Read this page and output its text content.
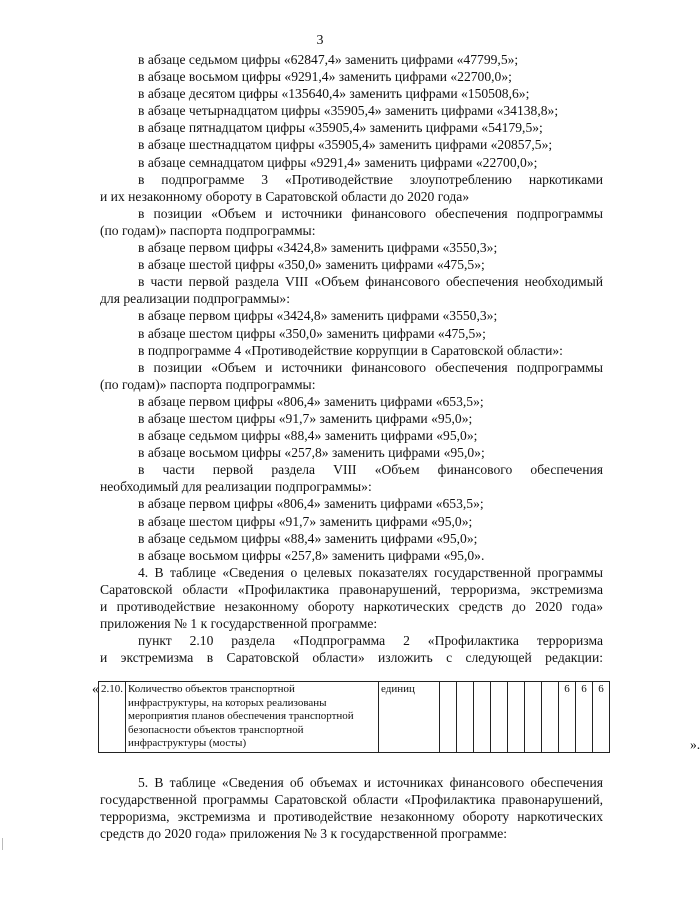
3

в абзаце седьмом цифры «62847,4» заменить цифрами «47799,5»;

в абзаце восьмом цифры «9291,4» заменить цифрами «22700,0»;

в абзаце десятом цифры «135640,4» заменить цифрами «150508,6»;

в абзаце четырнадцатом цифры «35905,4» заменить цифрами «34138,8»;

в абзаце пятнадцатом цифры «35905,4» заменить цифрами «54179,5»;

в абзаце шестнадцатом цифры «35905,4» заменить цифрами «20857,5»;

в абзаце семнадцатом цифры «9291,4» заменить цифрами «22700,0»;

в подпрограмме 3 «Противодействие злоупотреблению наркотиками

и их незаконному обороту в Саратовской области до 2020 года»

в позиции «Объем и источники финансового обеспечения подпрограммы

(по годам)» паспорта подпрограммы:

в абзаце первом цифры «3424,8» заменить цифрами «3550,3»;

в абзаце шестой цифры «350,0» заменить цифрами «475,5»;

в части первой раздела VIII «Объем финансового обеспечения необходимый

для реализации подпрограммы»:

в абзаце первом цифры «3424,8» заменить цифрами «3550,3»;

в абзаце шестом цифры «350,0» заменить цифрами «475,5»;

в подпрограмме 4 «Противодействие коррупции в Саратовской области»:

в позиции «Объем и источники финансового обеспечения подпрограммы

(по годам)» паспорта подпрограммы:

в абзаце первом цифры «806,4» заменить цифрами «653,5»;

в абзаце шестом цифры «91,7» заменить цифрами «95,0»;

в абзаце седьмом цифры «88,4» заменить цифрами «95,0»;

в абзаце восьмом цифры «257,8» заменить цифрами «95,0»;

в части первой раздела VIII «Объем финансового обеспечения

необходимый для реализации подпрограммы»:

в абзаце первом цифры «806,4» заменить цифрами «653,5»;

в абзаце шестом цифры «91,7» заменить цифрами «95,0»;

в абзаце седьмом цифры «88,4» заменить цифрами «95,0»;

в абзаце восьмом цифры «257,8» заменить цифрами «95,0».

4. В таблице «Сведения о целевых показателях государственной программы

Саратовской области «Профилактика правонарушений, терроризма, экстремизма

и противодействие незаконному обороту наркотических средств до 2020 года»

приложения № 1 к государственной программе:

пункт 2.10 раздела «Подпрограмма 2 «Профилактика терроризма

и экстремизма в Саратовской области» изложить с следующей редакции:

« 2.10.	Количество объектов транспортной инфраструктуры, на которых реализованы мероприятия планов обеспечения транспортной безопасности объектов транспортной инфраструктуры (мосты)	единиц								6	6	6
».

5. В таблице «Сведения об объемах и источниках финансового обеспечения

государственной программы Саратовской области «Профилактика правонарушений,

терроризма, экстремизма и противодействие незаконному обороту наркотических

средств до 2020 года» приложения № 3 к государственной программе:
